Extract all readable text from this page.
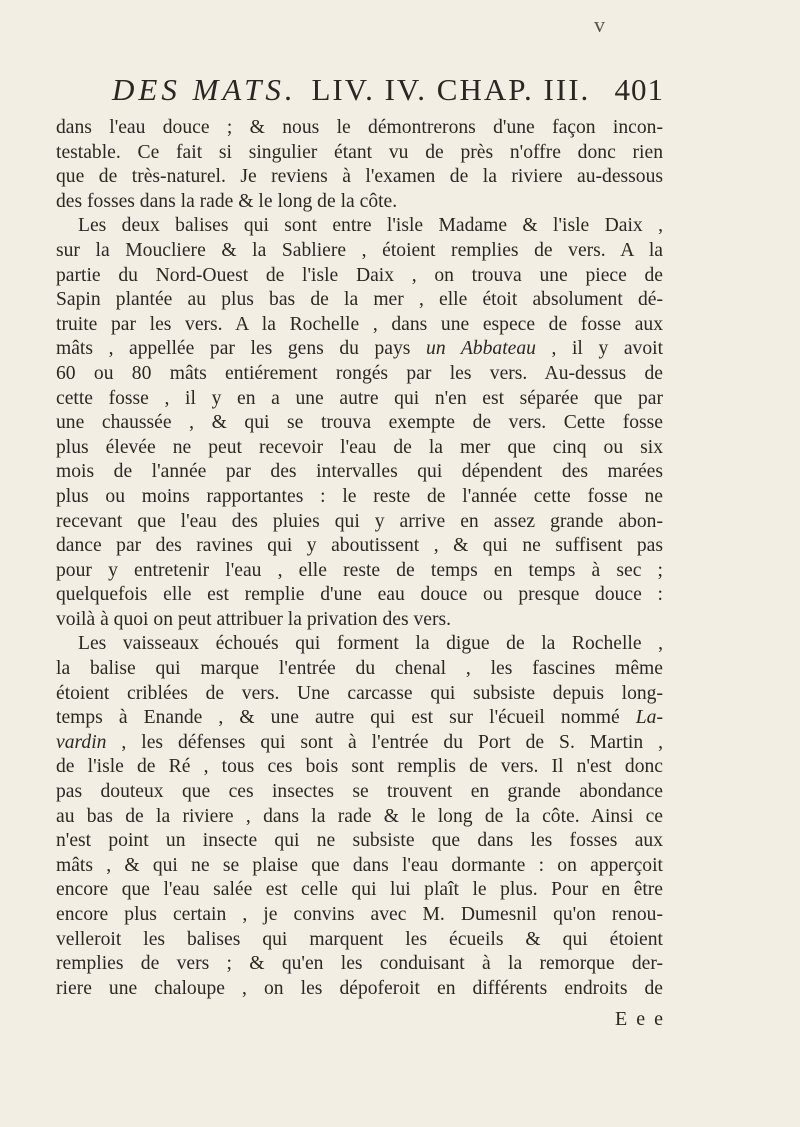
v
DES MATS. LIV. IV. CHAP. III. 401
dans l'eau douce ; & nous le démontrerons d'une façon incon-
testable. Ce fait si singulier étant vu de près n'offre donc rien
que de très-naturel. Je reviens à l'examen de la riviere au-dessous
des fosses dans la rade & le long de la côte.
Les deux balises qui sont entre l'isle Madame & l'isle Daix ,
sur la Moucliere & la Sabliere , étoient remplies de vers. A la
partie du Nord-Ouest de l'isle Daix , on trouva une piece de
Sapin plantée au plus bas de la mer , elle étoit absolument dé-
truite par les vers. A la Rochelle , dans une espece de fosse aux
mâts , appellée par les gens du pays un Abbateau , il y avoit
60 ou 80 mâts entiérement rongés par les vers. Au-dessus de
cette fosse , il y en a une autre qui n'en est séparée que par
une chaussée , & qui se trouva exempte de vers. Cette fosse
plus élevée ne peut recevoir l'eau de la mer que cinq ou six
mois de l'année par des intervalles qui dépendent des marées
plus ou moins rapportantes : le reste de l'année cette fosse ne
recevant que l'eau des pluies qui y arrive en assez grande abon-
dance par des ravines qui y aboutissent , & qui ne suffisent pas
pour y entretenir l'eau , elle reste de temps en temps à sec ;
quelquefois elle est remplie d'une eau douce ou presque douce :
voilà à quoi on peut attribuer la privation des vers.
Les vaisseaux échoués qui forment la digue de la Rochelle ,
la balise qui marque l'entrée du chenal , les fascines même
étoient criblées de vers. Une carcasse qui subsiste depuis long-
temps à Enande , & une autre qui est sur l'écueil nommé La-
vardin , les défenses qui sont à l'entrée du Port de S. Martin ,
de l'isle de Ré , tous ces bois sont remplis de vers. Il n'est donc
pas douteux que ces insectes se trouvent en grande abondance
au bas de la riviere , dans la rade & le long de la côte. Ainsi ce
n'est point un insecte qui ne subsiste que dans les fosses aux
mâts , & qui ne se plaise que dans l'eau dormante : on apperçoit
encore que l'eau salée est celle qui lui plaît le plus. Pour en être
encore plus certain , je convins avec M. Dumesnil qu'on renou-
velleroit les balises qui marquent les écueils & qui étoient
remplies de vers ; & qu'en les conduisant à la remorque der-
riere une chaloupe , on les dépoferoit en différents endroits de
E e e
